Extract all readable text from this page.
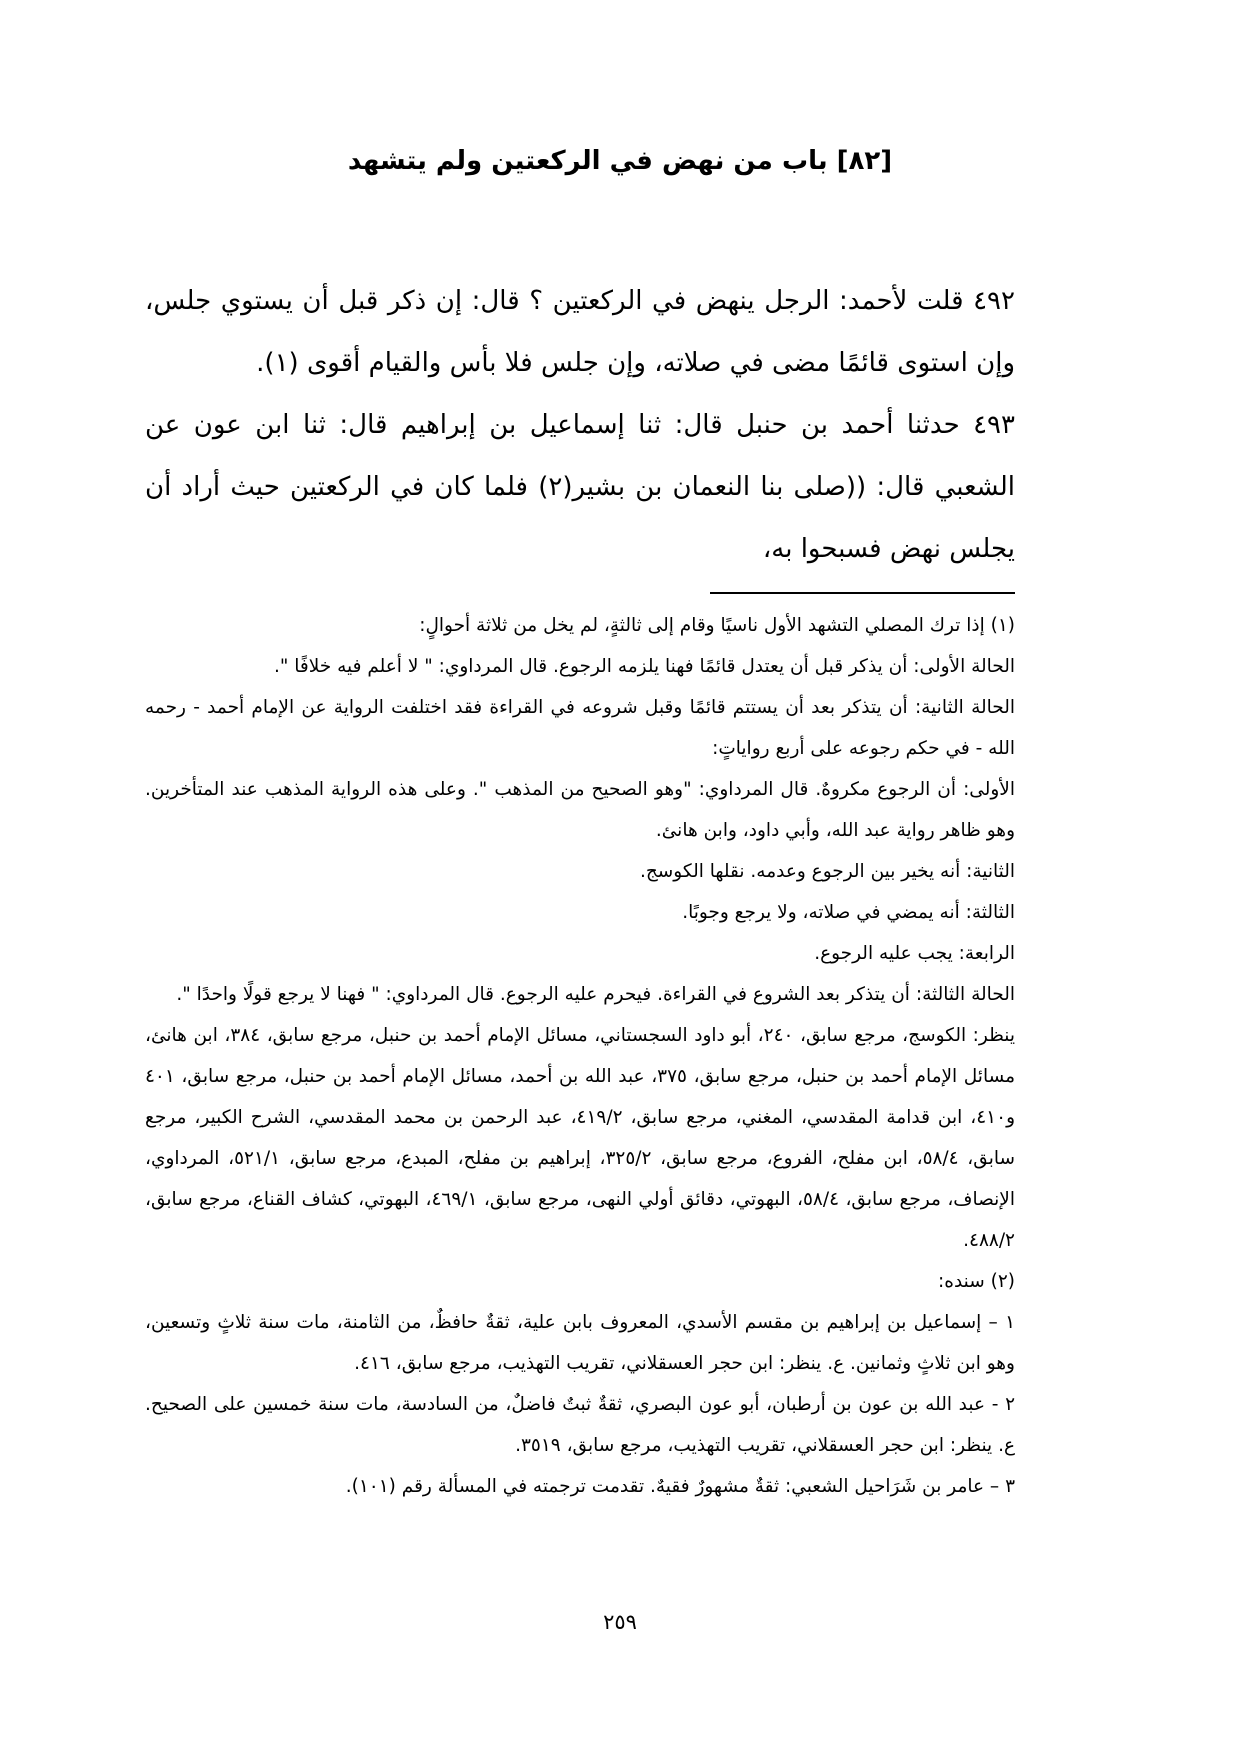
[٨٢] باب من نهض في الركعتين ولم يتشهد

٤٩٢ قلت لأحمد: الرجل ينهض في الركعتين ؟ قال: إن ذكر قبل أن يستوي جلس، وإن استوى قائمًا مضى في صلاته، وإن جلس فلا بأس والقيام أقوى (١).

٤٩٣ حدثنا أحمد بن حنبل قال: ثنا إسماعيل بن إبراهيم قال: ثنا ابن عون عن الشعبي قال: ((صلى بنا النعمان بن بشير(٢) فلما كان في الركعتين حيث أراد أن يجلس نهض فسبحوا به،

(١) إذا ترك المصلي التشهد الأول ناسيًا وقام إلى ثالثةٍ، لم يخل من ثلاثة أحوالٍ:

الحالة الأولى: أن يذكر قبل أن يعتدل قائمًا فهنا يلزمه الرجوع. قال المرداوي: " لا أعلم فيه خلافًا ".

الحالة الثانية: أن يتذكر بعد أن يستتم قائمًا وقبل شروعه في القراءة فقد اختلفت الرواية عن الإمام أحمد - رحمه الله - في حكم رجوعه على أربع رواياتٍ:

الأولى: أن الرجوع مكروهٌ. قال المرداوي: "وهو الصحيح من المذهب ". وعلى هذه الرواية المذهب عند المتأخرين. وهو ظاهر رواية عبد الله، وأبي داود، وابن هانئ.

الثانية: أنه يخير بين الرجوع وعدمه. نقلها الكوسج.

الثالثة: أنه يمضي في صلاته، ولا يرجع وجوبًا.

الرابعة: يجب عليه الرجوع.

الحالة الثالثة: أن يتذكر بعد الشروع في القراءة. فيحرم عليه الرجوع. قال المرداوي: " فهنا لا يرجع قولًا واحدًا ".

ينظر: الكوسج، مرجع سابق، ٢٤٠، أبو داود السجستاني، مسائل الإمام أحمد بن حنبل، مرجع سابق، ٣٨٤، ابن هانئ، مسائل الإمام أحمد بن حنبل، مرجع سابق، ٣٧٥، عبد الله بن أحمد، مسائل الإمام أحمد بن حنبل، مرجع سابق، ٤٠١ و٤١٠، ابن قدامة المقدسي، المغني، مرجع سابق، ٤١٩/٢، عبد الرحمن بن محمد المقدسي، الشرح الكبير، مرجع سابق، ٥٨/٤، ابن مفلح، الفروع، مرجع سابق، ٣٢٥/٢، إبراهيم بن مفلح، المبدع، مرجع سابق، ٥٢١/١، المرداوي، الإنصاف، مرجع سابق، ٥٨/٤، البهوتي، دقائق أولي النهى، مرجع سابق، ٤٦٩/١، البهوتي، كشاف القناع، مرجع سابق، ٤٨٨/٢.

(٢) سنده:

١ – إسماعيل بن إبراهيم بن مقسم الأسدي، المعروف بابن علية، ثقةٌ حافظٌ، من الثامنة، مات سنة ثلاثٍ وتسعين، وهو ابن ثلاثٍ وثمانين. ع. ينظر: ابن حجر العسقلاني، تقريب التهذيب، مرجع سابق، ٤١٦.

٢ - عبد الله بن عون بن أرطبان، أبو عون البصري، ثقةٌ ثبتٌ فاضلٌ، من السادسة، مات سنة خمسين على الصحيح. ع. ينظر: ابن حجر العسقلاني، تقريب التهذيب، مرجع سابق، ٣٥١٩.

٣ – عامر بن شَرَاحيل الشعبي: ثقةٌ مشهورٌ فقيهٌ. تقدمت ترجمته في المسألة رقم (١٠١).

٢٥٩
